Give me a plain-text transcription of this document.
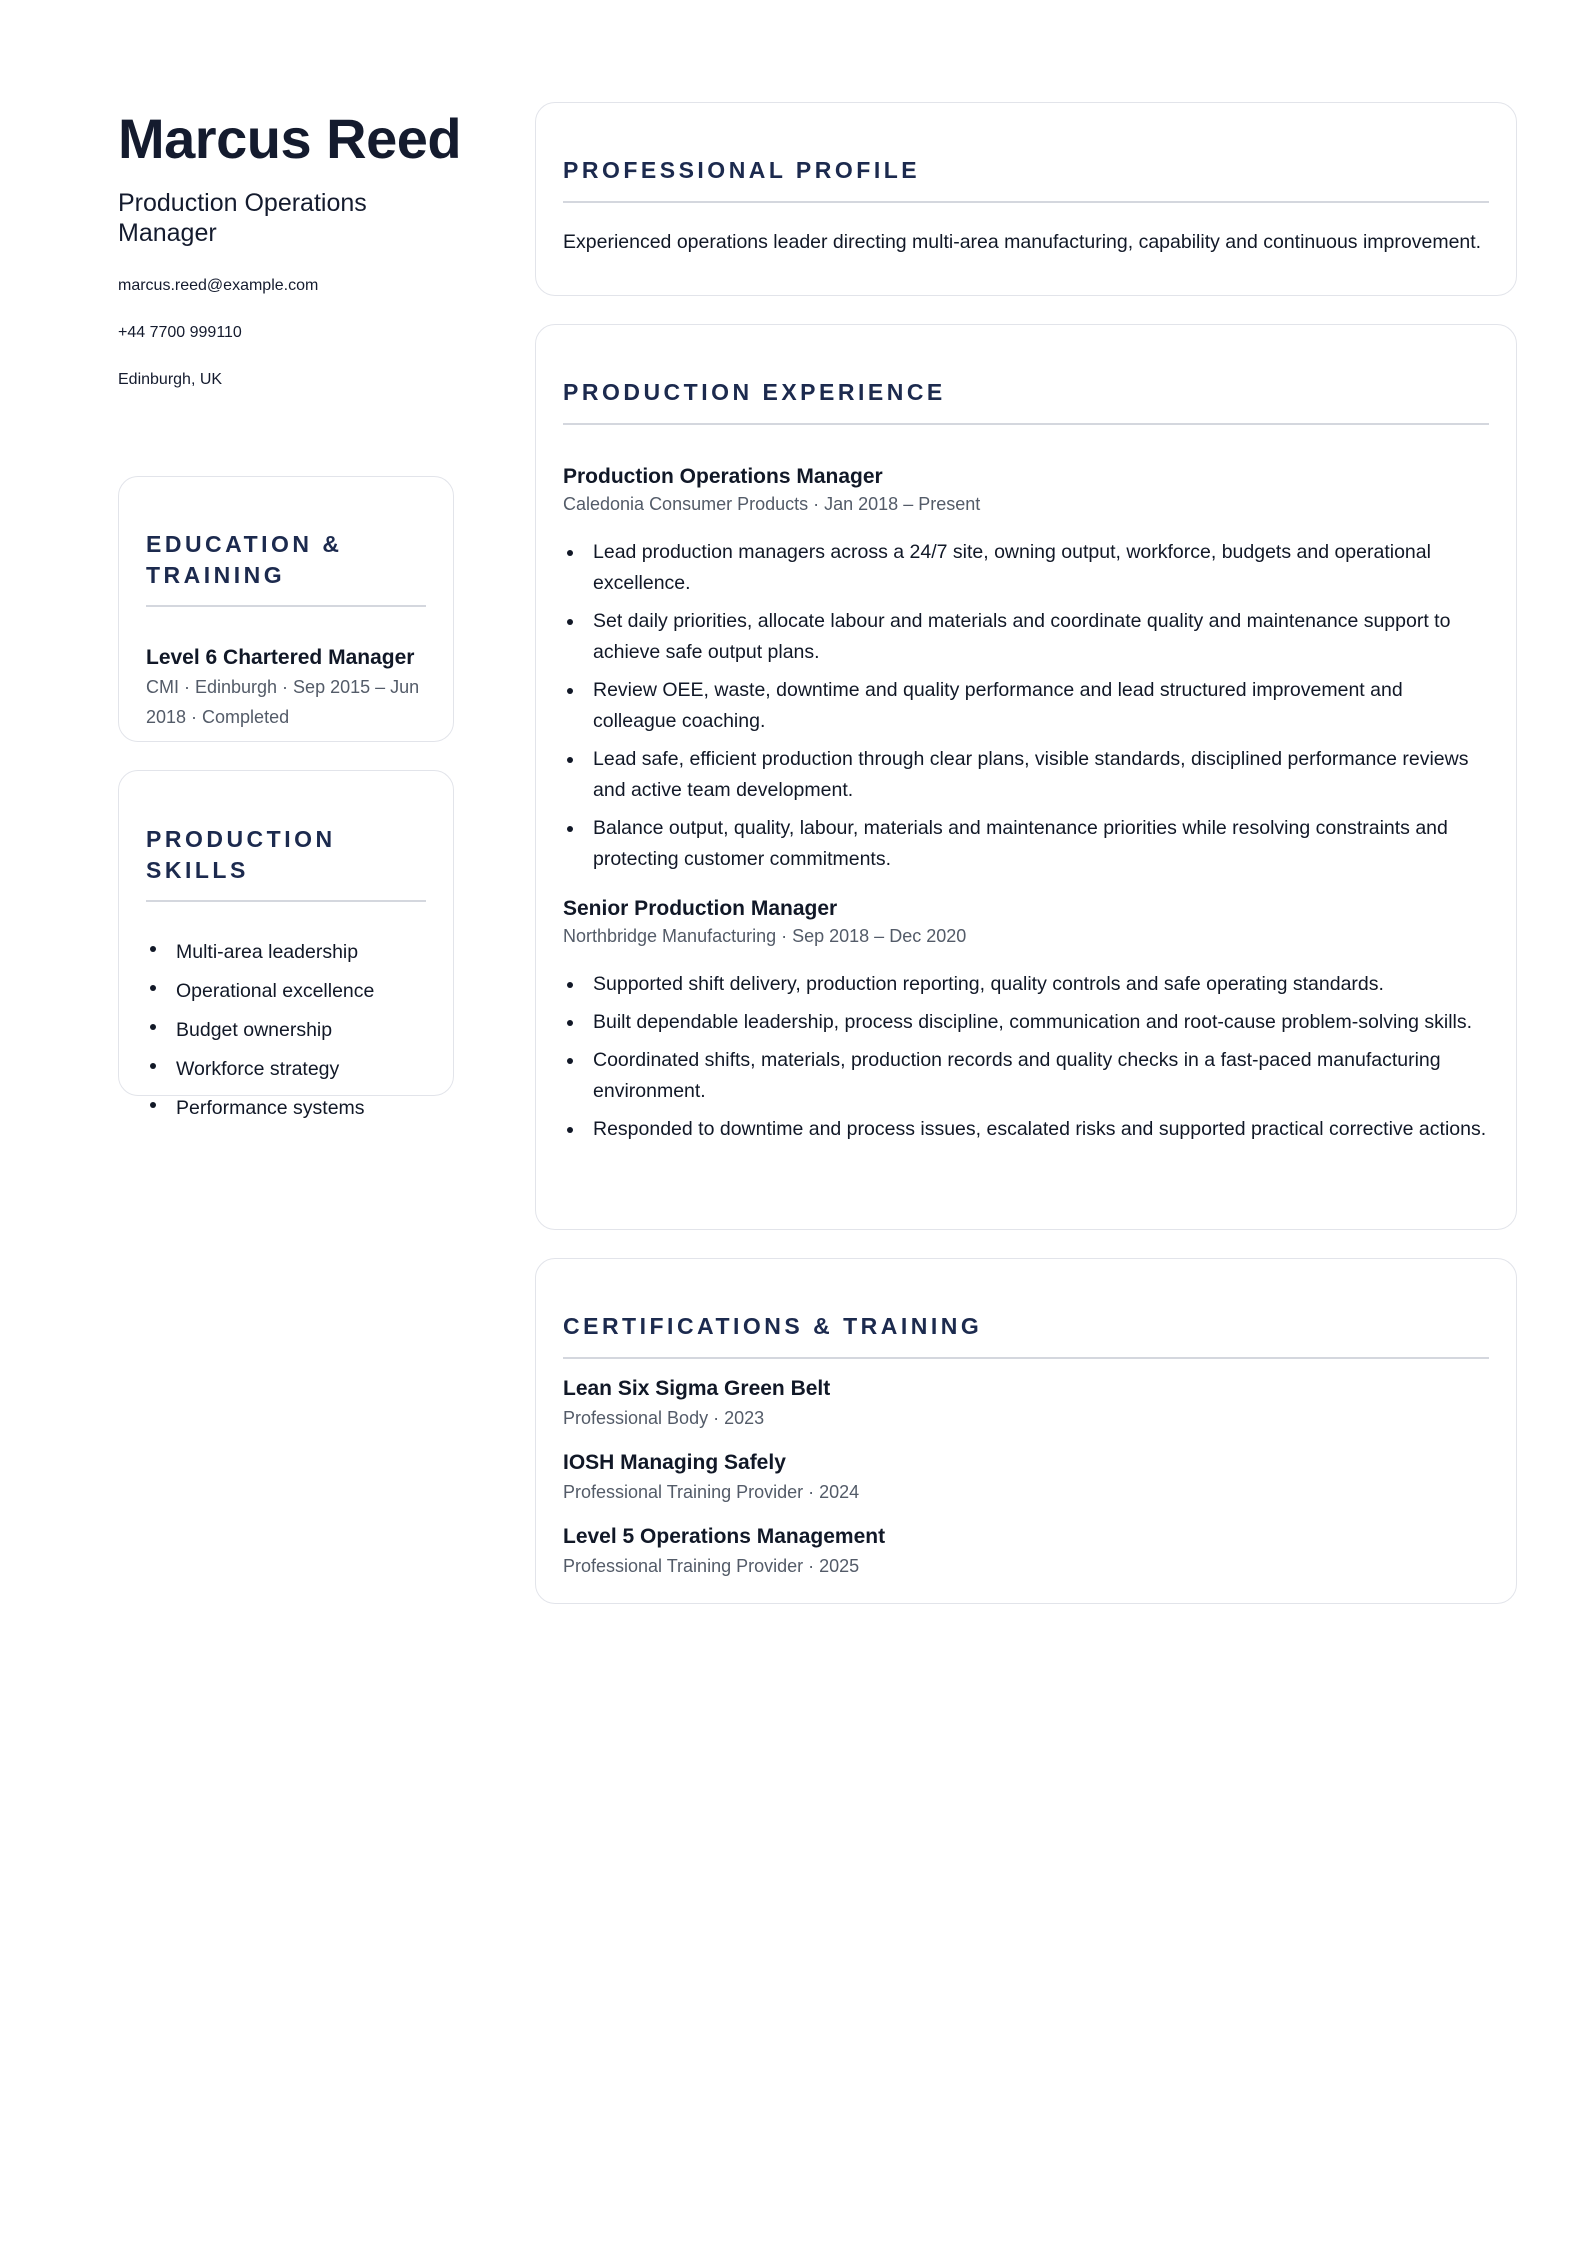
Marcus Reed
Production Operations Manager
marcus.reed@example.com
+44 7700 999110
Edinburgh, UK
EDUCATION & TRAINING
Level 6 Chartered Manager
CMI · Edinburgh · Sep 2015 – Jun 2018 · Completed
PRODUCTION SKILLS
Multi-area leadership
Operational excellence
Budget ownership
Workforce strategy
Performance systems
PROFESSIONAL PROFILE
Experienced operations leader directing multi-area manufacturing, capability and continuous improvement.
PRODUCTION EXPERIENCE
Production Operations Manager
Caledonia Consumer Products · Jan 2018 – Present
Lead production managers across a 24/7 site, owning output, workforce, budgets and operational excellence.
Set daily priorities, allocate labour and materials and coordinate quality and maintenance support to achieve safe output plans.
Review OEE, waste, downtime and quality performance and lead structured improvement and colleague coaching.
Lead safe, efficient production through clear plans, visible standards, disciplined performance reviews and active team development.
Balance output, quality, labour, materials and maintenance priorities while resolving constraints and protecting customer commitments.
Senior Production Manager
Northbridge Manufacturing · Sep 2018 – Dec 2020
Supported shift delivery, production reporting, quality controls and safe operating standards.
Built dependable leadership, process discipline, communication and root-cause problem-solving skills.
Coordinated shifts, materials, production records and quality checks in a fast-paced manufacturing environment.
Responded to downtime and process issues, escalated risks and supported practical corrective actions.
CERTIFICATIONS & TRAINING
Lean Six Sigma Green Belt
Professional Body · 2023
IOSH Managing Safely
Professional Training Provider · 2024
Level 5 Operations Management
Professional Training Provider · 2025
